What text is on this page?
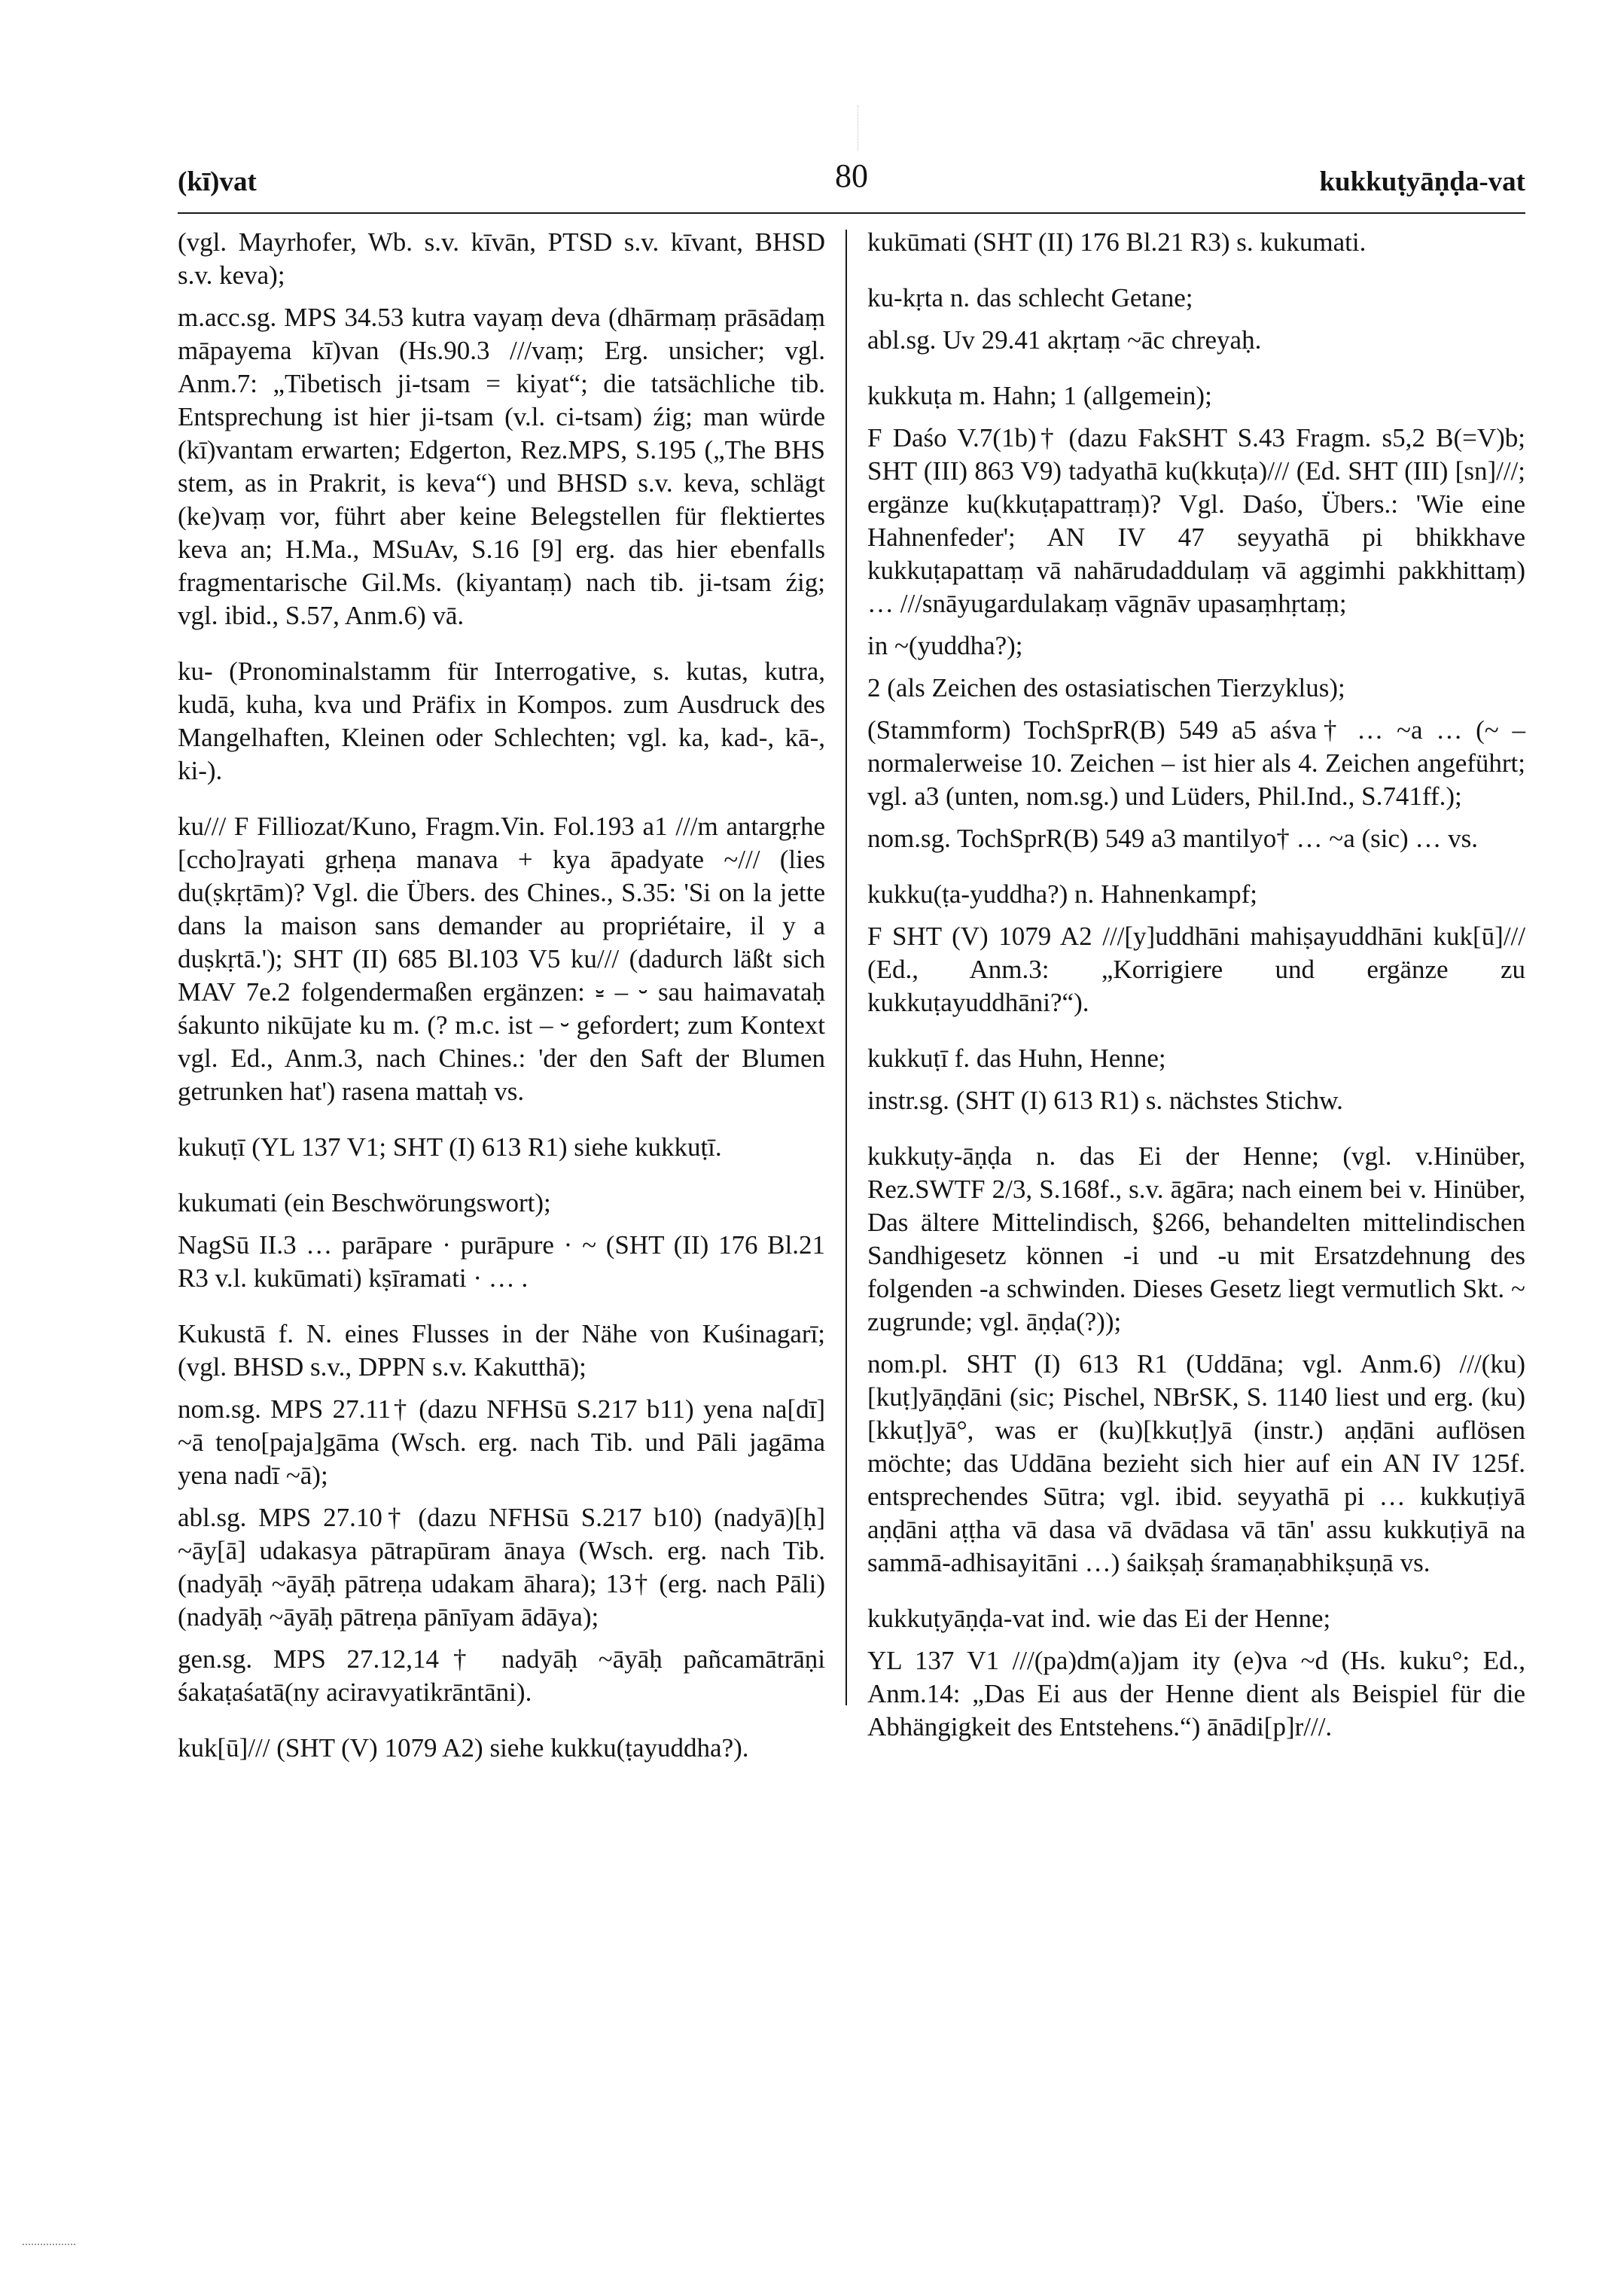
(kī)vat	80	kukkuṭyāṇḍa-vat

(vgl. Mayrhofer, Wb. s.v. kīvān, PTSD s.v. kīvant, BHSD s.v. keva);

m.acc.sg. MPS 34.53 kutra vayaṃ deva (dhārmaṃ prāsādaṃ māpayema kī)van (Hs.90.3 ///vaṃ; Erg. unsicher; vgl. Anm.7: „Tibetisch ji-tsam = kiyat“; die tatsächliche tib. Entsprechung ist hier ji-tsam (v.l. ci-tsam) źig; man würde (kī)vantam erwarten; Edgerton, Rez.MPS, S.195 („The BHS stem, as in Prakrit, is keva“) und BHSD s.v. keva, schlägt (ke)vaṃ vor, führt aber keine Belegstellen für flektiertes keva an; H.Ma., MSuAv, S.16 [9] erg. das hier ebenfalls fragmentarische Gil.Ms. (kiyantaṃ) nach tib. ji-tsam źig; vgl. ibid., S.57, Anm.6) vā.

ku- (Pronominalstamm für Interrogative, s. kutas, kutra, kudā, kuha, kva und Präfix in Kompos. zum Ausdruck des Mangelhaften, Kleinen oder Schlechten; vgl. ka, kad-, kā-, ki-).

ku/// F Filliozat/Kuno, Fragm.Vin. Fol.193 a1 ///m antargṛhe [ccho]rayati gṛheṇa manava + kya āpadyate ~/// (lies du(ṣkṛtām)? Vgl. die Übers. des Chines., S.35: 'Si on la jette dans la maison sans demander au propriétaire, il y a duṣkṛtā.'); SHT (II) 685 Bl.103 V5 ku/// (dadurch läßt sich MAV 7e.2 folgendermaßen ergänzen: ⏓ – ⏑ sau haimavataḥ śakunto nikūjate ku m. (? m.c. ist – ⏑ gefordert; zum Kontext vgl. Ed., Anm.3, nach Chines.: 'der den Saft der Blumen getrunken hat') rasena mattaḥ vs.

kukuṭī (YL 137 V1; SHT (I) 613 R1) siehe kukkuṭī.

kukumati (ein Beschwörungswort);

NagSū II.3 … parāpare · purāpure · ~ (SHT (II) 176 Bl.21 R3 v.l. kukūmati) kṣīramati · … .

Kukustā f. N. eines Flusses in der Nähe von Kuśinagarī; (vgl. BHSD s.v., DPPN s.v. Kakutthā);

nom.sg. MPS 27.11† (dazu NFHSū S.217 b11) yena na[dī] ~ā teno[paja]gāma (Wsch. erg. nach Tib. und Pāli jagāma yena nadī ~ā);

abl.sg. MPS 27.10† (dazu NFHSū S.217 b10) (nadyā)[ḥ] ~āy[ā] udakasya pātrapūram ānaya (Wsch. erg. nach Tib. (nadyāḥ ~āyāḥ pātreṇa udakam āhara); 13† (erg. nach Pāli) (nadyāḥ ~āyāḥ pātreṇa pānīyam ādāya);

gen.sg. MPS 27.12,14† nadyāḥ ~āyāḥ pañcamātrāṇi śakaṭaśatā(ny aciravyatikrāntāni).

kuk[ū]/// (SHT (V) 1079 A2) siehe kukku(ṭayuddha?).

kukūmati (SHT (II) 176 Bl.21 R3) s. kukumati.

ku-kṛta n. das schlecht Getane;

abl.sg. Uv 29.41 akṛtaṃ ~āc chreyaḥ.

kukkuṭa m. Hahn; 1 (allgemein);

F Daśo V.7(1b)† (dazu FakSHT S.43 Fragm. s5,2 B(=V)b; SHT (III) 863 V9) tadyathā ku(kkuṭa)/// (Ed. SHT (III) [sn]///; ergänze ku(kkuṭapattraṃ)? Vgl. Daśo, Übers.: 'Wie eine Hahnenfeder'; AN IV 47 seyyathā pi bhikkhave kukkuṭapattaṃ vā nahārudaddulaṃ vā aggimhi pakkhittaṃ) … ///snāyugardulakaṃ vāgnāv upasaṃhṛtaṃ;

in ~(yuddha?);

2 (als Zeichen des ostasiatischen Tierzyklus);

(Stammform) TochSprR(B) 549 a5 aśva† … ~a … (~ – normalerweise 10. Zeichen – ist hier als 4. Zeichen angeführt; vgl. a3 (unten, nom.sg.) und Lüders, Phil.Ind., S.741ff.);

nom.sg. TochSprR(B) 549 a3 mantilyo† … ~a (sic) … vs.

kukku(ṭa-yuddha?) n. Hahnenkampf;

F SHT (V) 1079 A2 ///[y]uddhāni mahiṣayuddhāni kuk[ū]/// (Ed., Anm.3: „Korrigiere und ergänze zu kukkuṭayuddhāni?“).

kukkuṭī f. das Huhn, Henne;

instr.sg. (SHT (I) 613 R1) s. nächstes Stichw.

kukkuṭy-āṇḍa n. das Ei der Henne; (vgl. v.Hinüber, Rez.SWTF 2/3, S.168f., s.v. āgāra; nach einem bei v. Hinüber, Das ältere Mittelindisch, §266, behandelten mittelindischen Sandhigesetz können -i und -u mit Ersatzdehnung des folgenden -a schwinden. Dieses Gesetz liegt vermutlich Skt. ~ zugrunde; vgl. āṇḍa(?));

nom.pl. SHT (I) 613 R1 (Uddāna; vgl. Anm.6) ///(ku)[kuṭ]yāṇḍāni (sic; Pischel, NBrSK, S. 1140 liest und erg. (ku)[kkuṭ]yā°, was er (ku)[kkuṭ]yā (instr.) aṇḍāni auflösen möchte; das Uddāna bezieht sich hier auf ein AN IV 125f. entsprechendes Sūtra; vgl. ibid. seyyathā pi … kukkuṭiyā aṇḍāni aṭṭha vā dasa vā dvādasa vā tān' assu kukkuṭiyā na sammā-adhisayitāni …) śaikṣaḥ śramaṇabhikṣuṇā vs.

kukkuṭyāṇḍa-vat ind. wie das Ei der Henne;

YL 137 V1 ///(pa)dm(a)jam ity (e)va ~d (Hs. kuku°; Ed., Anm.14: „Das Ei aus der Henne dient als Beispiel für die Abhängigkeit des Entstehens.“) ānādi[p]r///.
